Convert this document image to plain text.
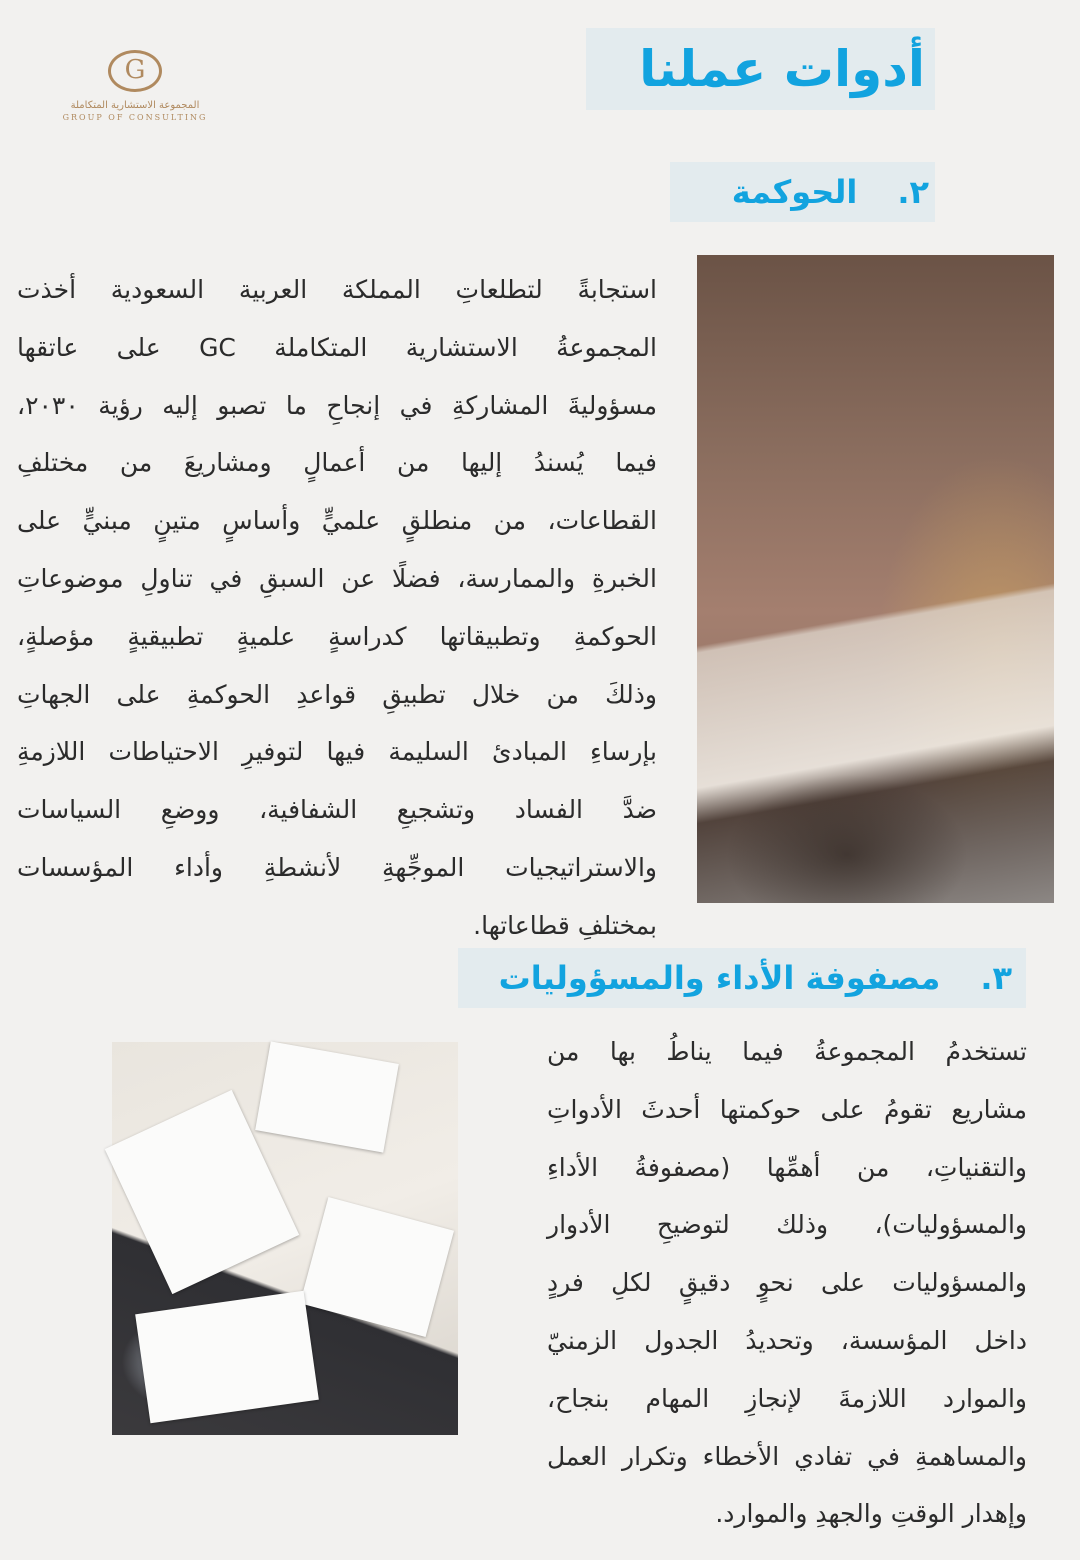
G
المجموعة الاستشارية المتكاملة
GROUP OF CONSULTING
أدوات عملنا
٢.
الحوكمة
استجابةً لتطلعاتِ المملكة العربية السعودية أخذت
المجموعةُ الاستشارية المتكاملة GC على عاتقها
مسؤوليةَ المشاركةِ في إنجاحِ ما تصبو إليه رؤية ٢٠٣٠،
فيما يُسندُ إليها من أعمالٍ ومشاريعَ من مختلفِ
القطاعات، من منطلقٍ علميٍّ وأساسٍ متينٍ مبنيٍّ على
الخبرةِ والممارسة، فضلًا عن السبقِ في تناولِ موضوعاتِ
الحوكمةِ وتطبيقاتها كدراسةٍ علميةٍ تطبيقيةٍ مؤصلةٍ،
وذلكَ من خلال تطبيقِ قواعدِ الحوكمةِ على الجهاتِ
بإرساءِ المبادئ السليمة فيها لتوفيرِ الاحتياطات اللازمةِ
ضدَّ الفساد وتشجيعِ الشفافية، ووضعِ السياسات
والاستراتيجيات الموجِّهةِ لأنشطةِ وأداء المؤسسات
بمختلفِ قطاعاتها.
٣.
مصفوفة الأداء والمسؤوليات
تستخدمُ المجموعةُ فيما يناطُ بها من
مشاريع تقومُ على حوكمتها أحدثَ الأدواتِ
والتقنياتِ، من أهمِّها (مصفوفةُ الأداءِ
والمسؤوليات)، وذلك لتوضيحِ الأدوار
والمسؤوليات على نحوٍ دقيقٍ لكلِ فردٍ
داخل المؤسسة، وتحديدُ الجدول الزمنيّ
والموارد اللازمةَ لإنجازِ المهام بنجاح،
والمساهمةِ في تفادي الأخطاء وتكرار العمل
وإهدار الوقتِ والجهدِ والموارد.
